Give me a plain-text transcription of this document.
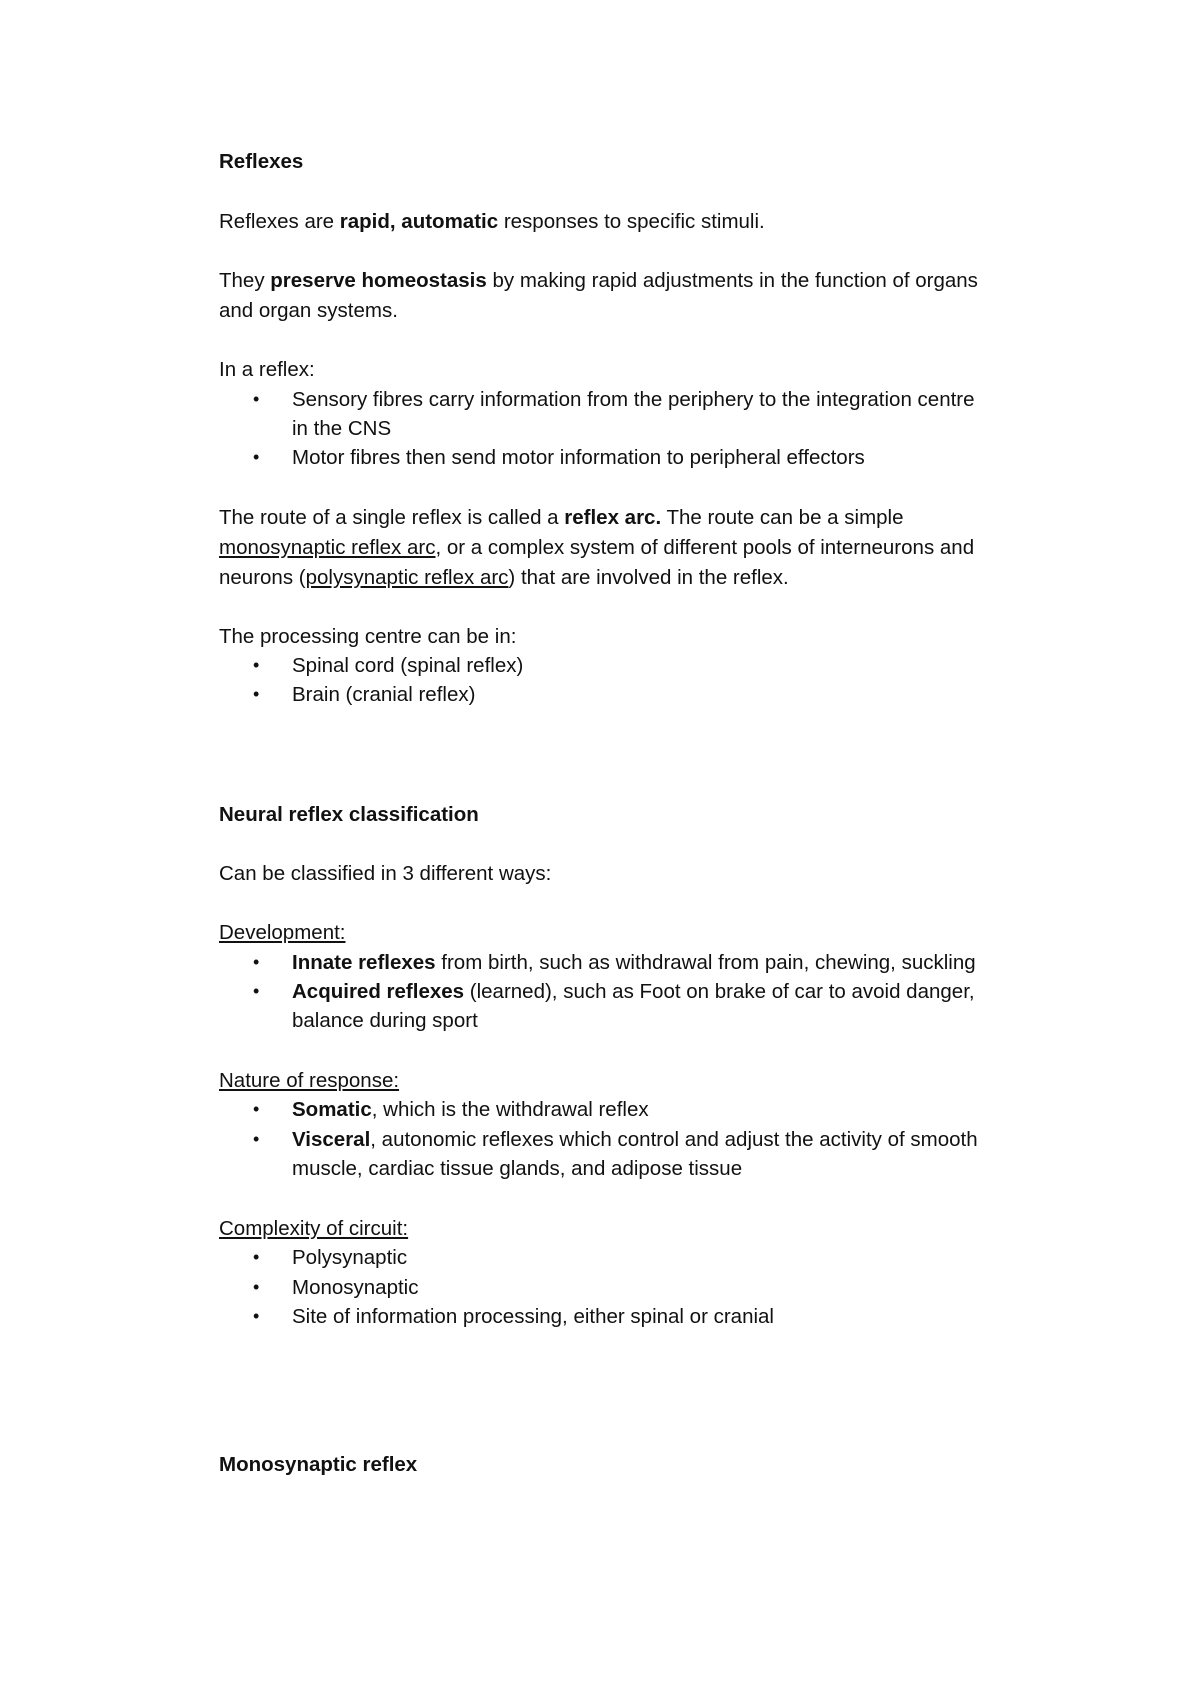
Reflexes
Reflexes are rapid, automatic responses to specific stimuli.
They preserve homeostasis by making rapid adjustments in the function of organs
and organ systems.
In a reflex:
• Sensory fibres carry information from the periphery to the integration centre
in the CNS
• Motor fibres then send motor information to peripheral effectors
The route of a single reflex is called a reflex arc. The route can be a simple
monosynaptic reflex arc, or a complex system of different pools of interneurons and
neurons (polysynaptic reflex arc) that are involved in the reflex.
The processing centre can be in:
• Spinal cord (spinal reflex)
• Brain (cranial reflex)
Neural reflex classification
Can be classified in 3 different ways:
Development:
• Innate reflexes from birth, such as withdrawal from pain, chewing, suckling
• Acquired reflexes (learned), such as Foot on brake of car to avoid danger,
balance during sport
Nature of response:
• Somatic, which is the withdrawal reflex
• Visceral, autonomic reflexes which control and adjust the activity of smooth
muscle, cardiac tissue glands, and adipose tissue
Complexity of circuit:
• Polysynaptic
• Monosynaptic
• Site of information processing, either spinal or cranial
Monosynaptic reflex
